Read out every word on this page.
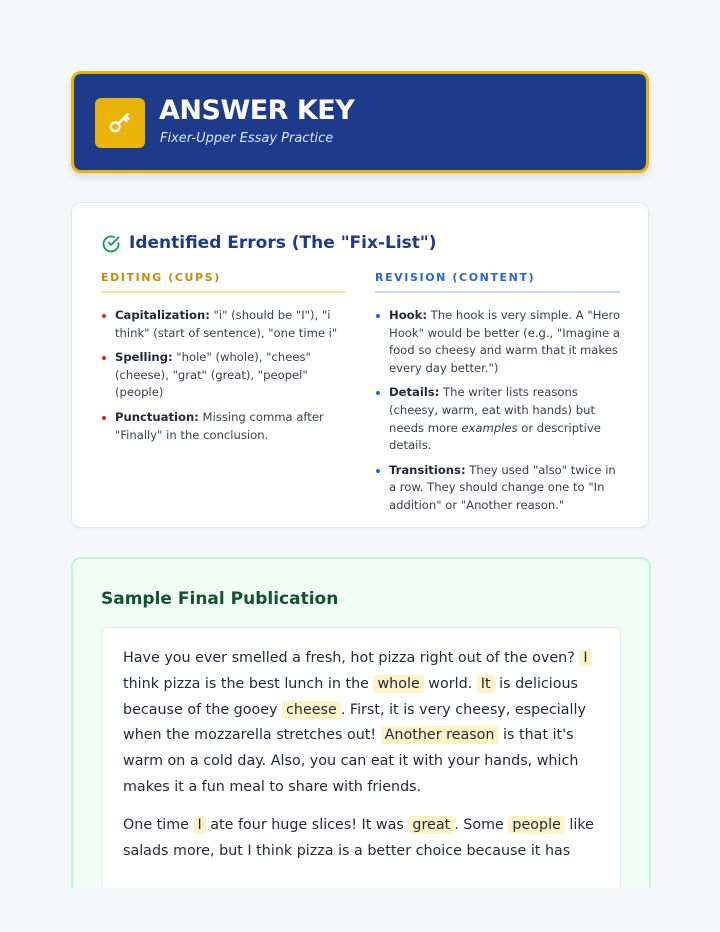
ANSWER KEY
Fixer-Upper Essay Practice
Identified Errors (The "Fix-List")
EDITING (CUPS)	REVISION (CONTENT)
Capitalization: "i" (should be "I"), "i think" (start of sentence), "one time i"
Spelling: "hole" (whole), "chees" (cheese), "grat" (great), "peopel" (people)
Punctuation: Missing comma after "Finally" in the conclusion.
Hook: The hook is very simple. A "Hero Hook" would be better (e.g., "Imagine a food so cheesy and warm that it makes every day better.")
Details: The writer lists reasons (cheesy, warm, eat with hands) but needs more examples or descriptive details.
Transitions: They used "also" twice in a row. They should change one to "In addition" or "Another reason."
Sample Final Publication

Have you ever smelled a fresh, hot pizza right out of the oven? I think pizza is the best lunch in the whole world. It is delicious because of the gooey cheese . First, it is very cheesy, especially when the mozzarella stretches out! Another reason is that it's warm on a cold day. Also, you can eat it with your hands, which makes it a fun meal to share with friends.

One time I ate four huge slices! It was great . Some people like salads more, but I think pizza is a better choice because it has
